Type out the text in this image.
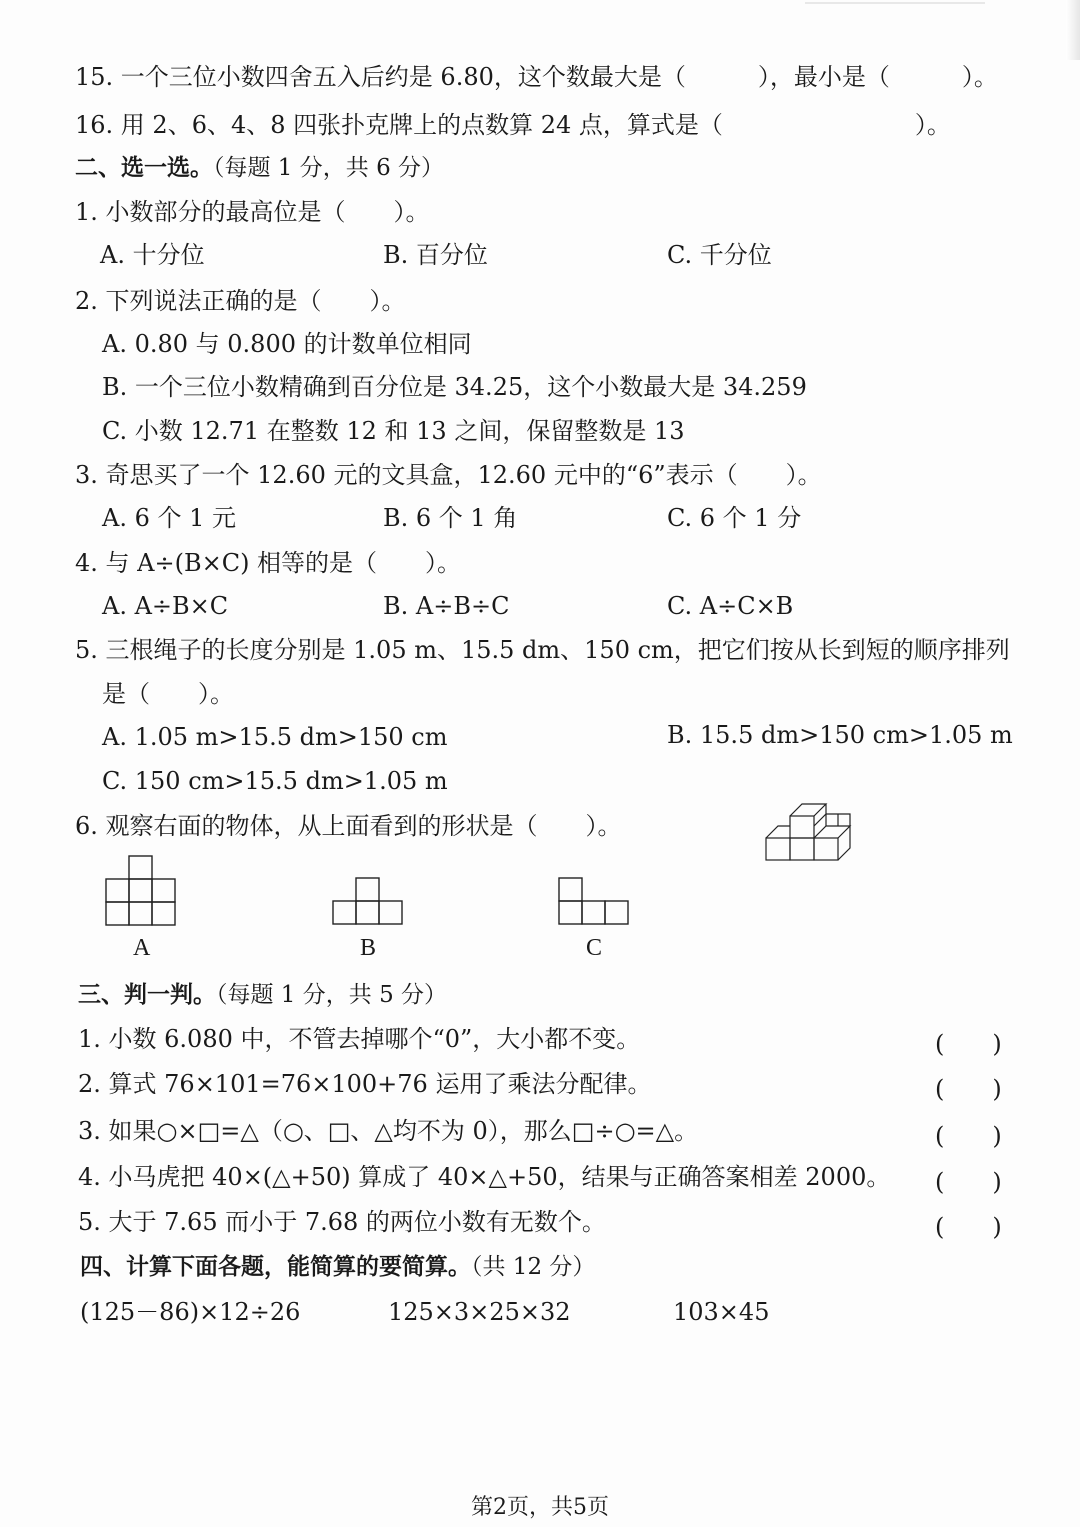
15. 一个三位小数四舍五入后约是 6.80，这个数最大是（　　　），最小是（　　　）。
16. 用 2、6、4、8 四张扑克牌上的点数算 24 点，算式是（　　　　　　　　）。
二、选一选。（每题 1 分，共 6 分）
1. 小数部分的最高位是（　　）。
A. 十分位	B. 百分位	C. 千分位
2. 下列说法正确的是（　　）。
A. 0.80 与 0.800 的计数单位相同
B. 一个三位小数精确到百分位是 34.25，这个小数最大是 34.259
C. 小数 12.71 在整数 12 和 13 之间，保留整数是 13
3. 奇思买了一个 12.60 元的文具盒，12.60 元中的“6”表示（　　）。
A. 6 个 1 元	B. 6 个 1 角	C. 6 个 1 分
4. 与 A÷(B×C) 相等的是（　　）。
A. A÷B×C	B. A÷B÷C	C. A÷C×B
5. 三根绳子的长度分别是 1.05 m、15.5 dm、150 cm，把它们按从长到短的顺序排列
是（　　）。
A. 1.05 m>15.5 dm>150 cm	B. 15.5 dm>150 cm>1.05 m
C. 150 cm>15.5 dm>1.05 m
6. 观察右面的物体，从上面看到的形状是（　　）。
A	B	C
三、判一判。（每题 1 分，共 5 分）
1. 小数 6.080 中，不管去掉哪个“0”，大小都不变。	(　　)
2. 算式 76×101=76×100+76 运用了乘法分配律。	(　　)
3. 如果○×□=△（○、□、△均不为 0），那么□÷○=△。	(　　)
4. 小马虎把 40×(△+50) 算成了 40×△+50，结果与正确答案相差 2000。 (　　)
5. 大于 7.65 而小于 7.68 的两位小数有无数个。	(　　)
四、计算下面各题，能简算的要简算。（共 12 分）
(125－86)×12÷26	125×3×25×32	103×45
第2页，共5页
